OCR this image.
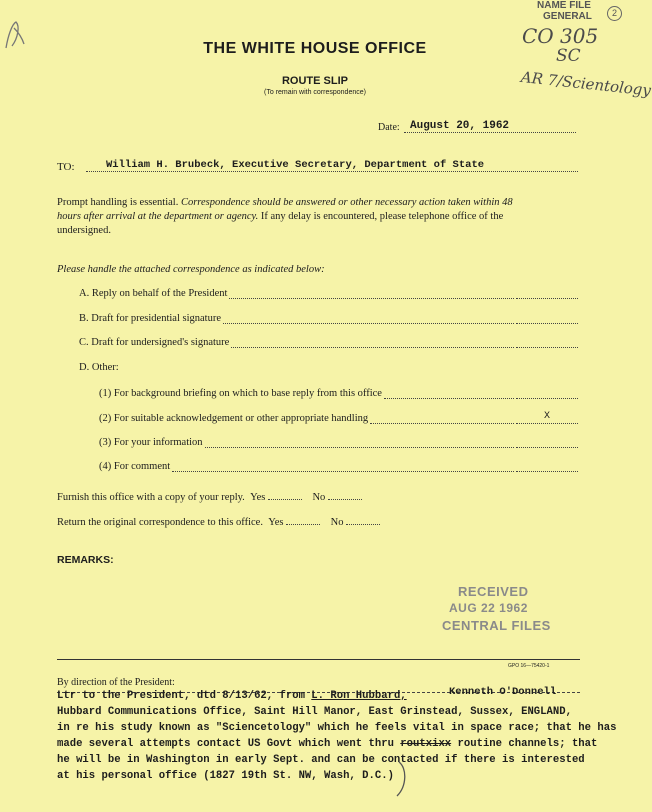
NAME FILE
GENERAL	2
CO 305
SC
AR 7/Scientology
THE WHITE HOUSE OFFICE
ROUTE SLIP
(To remain with correspondence)
Date: August 20, 1962
TO:	William H. Brubeck, Executive Secretary, Department of State
Prompt handling is essential. Correspondence should be answered or other necessary action taken within 48
hours after arrival at the department or agency. If any delay is encountered, please telephone office of the
undersigned.
Please handle the attached correspondence as indicated below:
A. Reply on behalf of the President
B. Draft for presidential signature
C. Draft for undersigned's signature
D. Other:
(1) For background briefing on which to base reply from this office
(2) For suitable acknowledgement or other appropriate handling	X
(3) For your information
(4) For comment
Furnish this office with a copy of your reply. Yes	No
Return the original correspondence to this office. Yes	No
REMARKS:
RECEIVED
AUG 22 1962
CENTRAL FILES
GPO 16—75420-1
By direction of the President:
Kenneth O'Donnell
Ltr to the President, dtd 8/13/62, from L. Ron Hubbard,
Hubbard Communications Office, Saint Hill Manor, East Grinstead, Sussex, ENGLAND,
in re his study known as "Sciencetology" which he feels vital in space race; that he has
made several attempts contact US Govt which went thru routxixx routine channels; that
he will be in Washington in early Sept. and can be contacted if there is interested
at his personal office (1827 19th St. NW, Wash, D.C.)
